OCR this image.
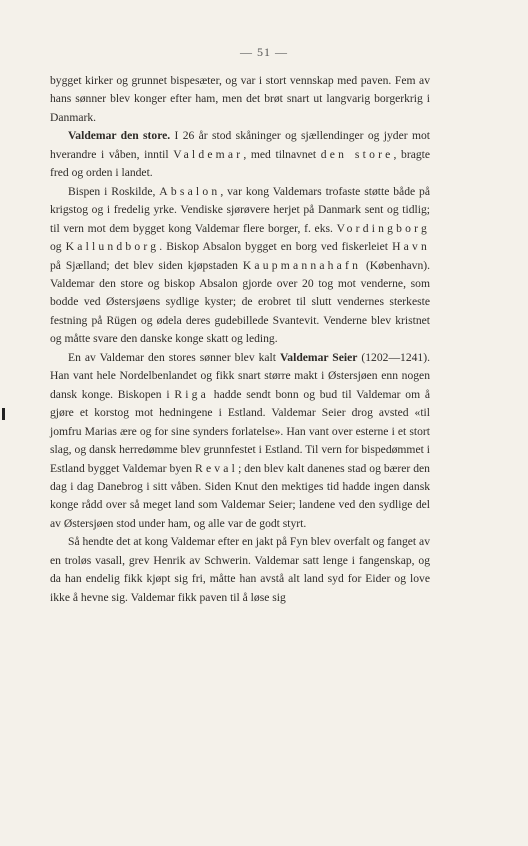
— 51 —

bygget kirker og grunnet bispesæter, og var i stort vennskap med paven. Fem av hans sønner blev konger efter ham, men det brøt snart ut langvarig borgerkrig i Danmark.

Valdemar den store. I 26 år stod skåninger og sjællendinger og jyder mot hverandre i våben, inntil Valdemar, med tilnavnet den store, bragte fred og orden i landet.

Bispen i Roskilde, Absalon, var kong Valdemars trofaste støtte både på krigstog og i fredelig yrke. Vendiske sjørøvere herjet på Danmark sent og tidlig; til vern mot dem bygget kong Valdemar flere borger, f. eks. Vordingborg og Kallundborg. Biskop Absalon bygget en borg ved fiskerleiet Havn på Sjælland; det blev siden kjøpstaden Kaupmannahafn (København). Valdemar den store og biskop Absalon gjorde over 20 tog mot venderne, som bodde ved Østersjøens sydlige kyster; de erobret til slutt vendernes sterkeste festning på Rügen og ødela deres gudebillede Svantevit. Venderne blev kristnet og måtte svare den danske konge skatt og leding.

En av Valdemar den stores sønner blev kalt Valdemar Seier (1202—1241). Han vant hele Nordelbenlandet og fikk snart større makt i Østersjøen enn nogen dansk konge. Biskopen i Riga hadde sendt bonn og bud til Valdemar om å gjøre et korstog mot hedningene i Estland. Valdemar Seier drog avsted «til jomfru Marias ære og for sine synders forlatelse». Han vant over esterne i et stort slag, og dansk herredømme blev grunnfestet i Estland. Til vern for bispedømmet i Estland bygget Valdemar byen Reval; den blev kalt danenes stad og bærer den dag i dag Danebrog i sitt våben. Siden Knut den mektiges tid hadde ingen dansk konge rådd over så meget land som Valdemar Seier; landene ved den sydlige del av Østersjøen stod under ham, og alle var de godt styrt.

Så hendte det at kong Valdemar efter en jakt på Fyn blev overfalt og fanget av en troløs vasall, grev Henrik av Schwerin. Valdemar satt lenge i fangenskap, og da han endelig fikk kjøpt sig fri, måtte han avstå alt land syd for Eider og love ikke å hevne sig. Valdemar fikk paven til å løse sig
